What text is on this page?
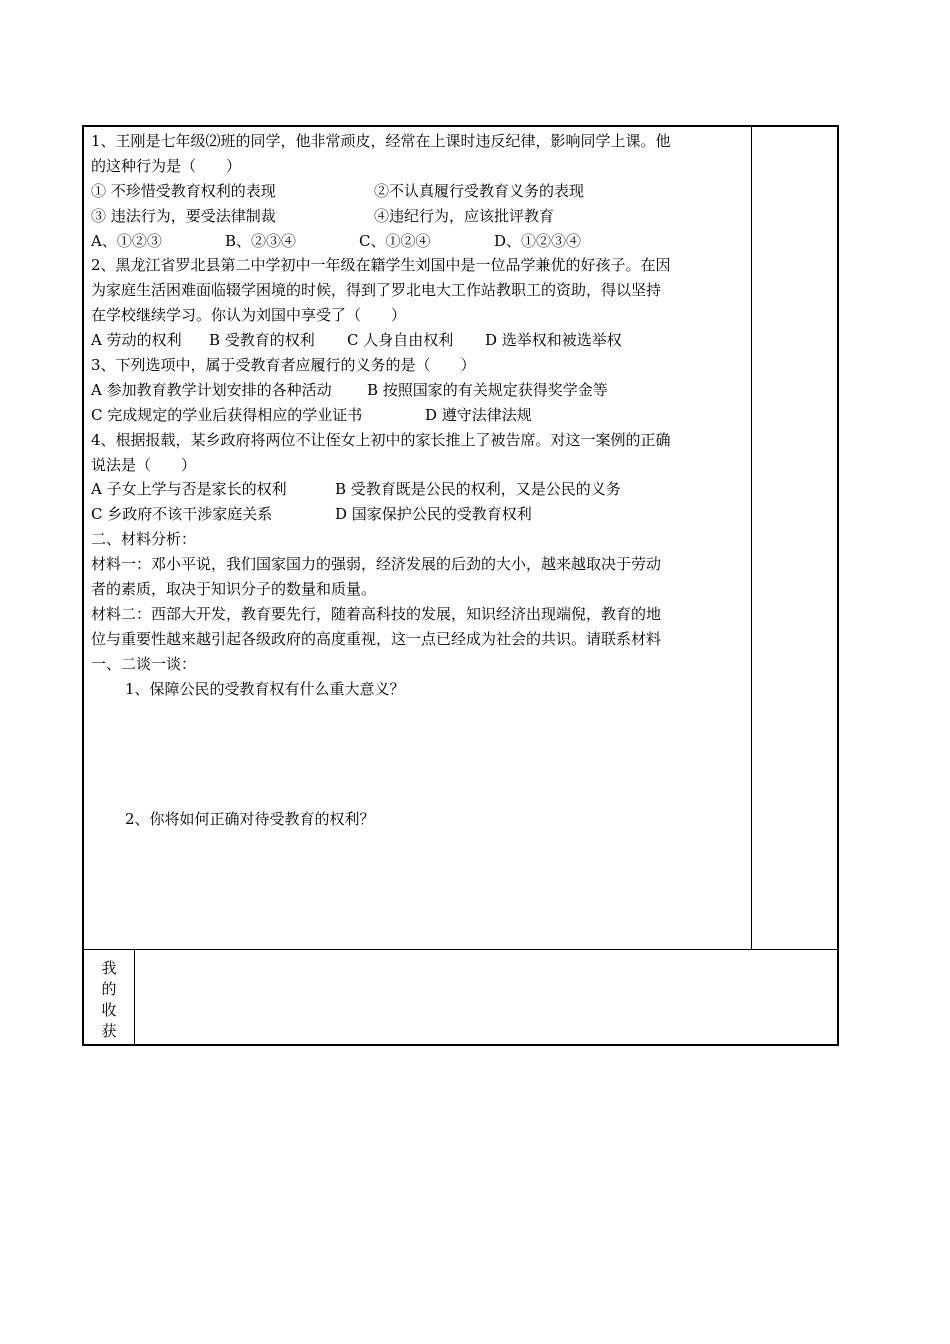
1、王刚是七年级⑵班的同学，他非常顽皮，经常在上课时违反纪律，影响同学上课。他
的这种行为是（　　）
① 不珍惜受教育权利的表现	②不认真履行受教育义务的表现
③ 违法行为，要受法律制裁	④违纪行为，应该批评教育
A、①②③	B、②③④	C、①②④	D、①②③④
2、黑龙江省罗北县第二中学初中一年级在籍学生刘国中是一位品学兼优的好孩子。在因
为家庭生活困难面临辍学困境的时候，得到了罗北电大工作站教职工的资助，得以坚持
在学校继续学习。你认为刘国中享受了（　　）
A 劳动的权利	B 受教育的权利	C 人身自由权利	D 选举权和被选举权
3、下列选项中，属于受教育者应履行的义务的是（　　）
A 参加教育教学计划安排的各种活动	B 按照国家的有关规定获得奖学金等
C 完成规定的学业后获得相应的学业证书	D 遵守法律法规
4、根据报载，某乡政府将两位不让侄女上初中的家长推上了被告席。对这一案例的正确
说法是（　　）
A 子女上学与否是家长的权利	B 受教育既是公民的权利，又是公民的义务
C 乡政府不该干涉家庭关系	D 国家保护公民的受教育权利
二、材料分析：
材料一：邓小平说，我们国家国力的强弱，经济发展的后劲的大小，越来越取决于劳动
者的素质，取决于知识分子的数量和质量。
材料二：西部大开发，教育要先行，随着高科技的发展，知识经济出现端倪，教育的地
位与重要性越来越引起各级政府的高度重视，这一点已经成为社会的共识。请联系材料
一、二谈一谈：
1、保障公民的受教育权有什么重大意义？
2、你将如何正确对待受教育的权利？
我的收获
